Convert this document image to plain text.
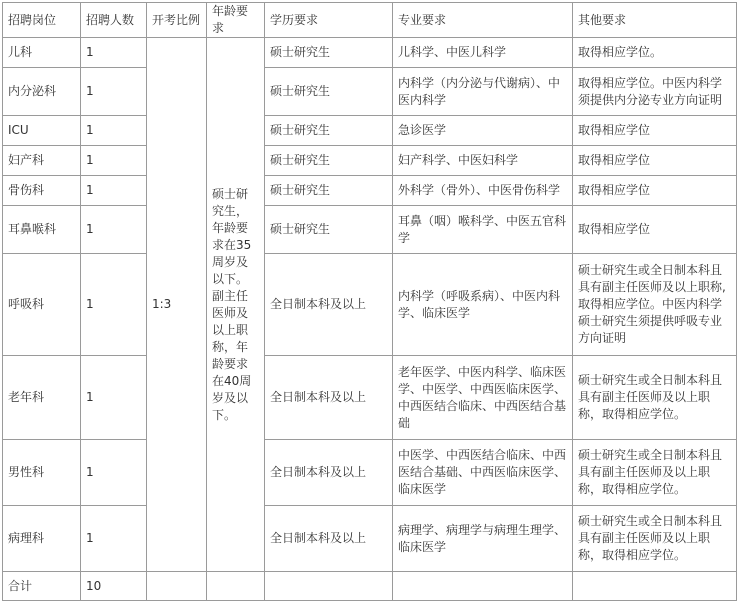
招聘岗位	招聘人数	开考比例	年龄要求	学历要求	专业要求	其他要求
儿科	1	1:3	硕士研究生，年龄要求在35周岁及以下。副主任医师及以上职称，年龄要求在40周岁及以下。	硕士研究生	儿科学、中医儿科学	取得相应学位。
内分泌科	1			硕士研究生	内科学（内分泌与代谢病）、中医内科学	取得相应学位。中医内科学须提供内分泌专业方向证明
ICU	1			硕士研究生	急诊医学	取得相应学位
妇产科	1			硕士研究生	妇产科学、中医妇科学	取得相应学位
骨伤科	1			硕士研究生	外科学（骨外）、中医骨伤科学	取得相应学位
耳鼻喉科	1			硕士研究生	耳鼻（咽）喉科学、中医五官科学	取得相应学位
呼吸科	1			全日制本科及以上	内科学（呼吸系病）、中医内科学、临床医学	硕士研究生或全日制本科且具有副主任医师及以上职称,取得相应学位。中医内科学硕士研究生须提供呼吸专业方向证明
老年科	1			全日制本科及以上	老年医学、中医内科学、临床医学、中医学、中西医临床医学、中西医结合临床、中西医结合基础	硕士研究生或全日制本科且具有副主任医师及以上职称，取得相应学位。
男性科	1			全日制本科及以上	中医学、中西医结合临床、中西医结合基础、中西医临床医学、临床医学	硕士研究生或全日制本科且具有副主任医师及以上职称，取得相应学位。
病理科	1			全日制本科及以上	病理学、病理学与病理生理学、临床医学	硕士研究生或全日制本科且具有副主任医师及以上职称，取得相应学位。
合计	10					
